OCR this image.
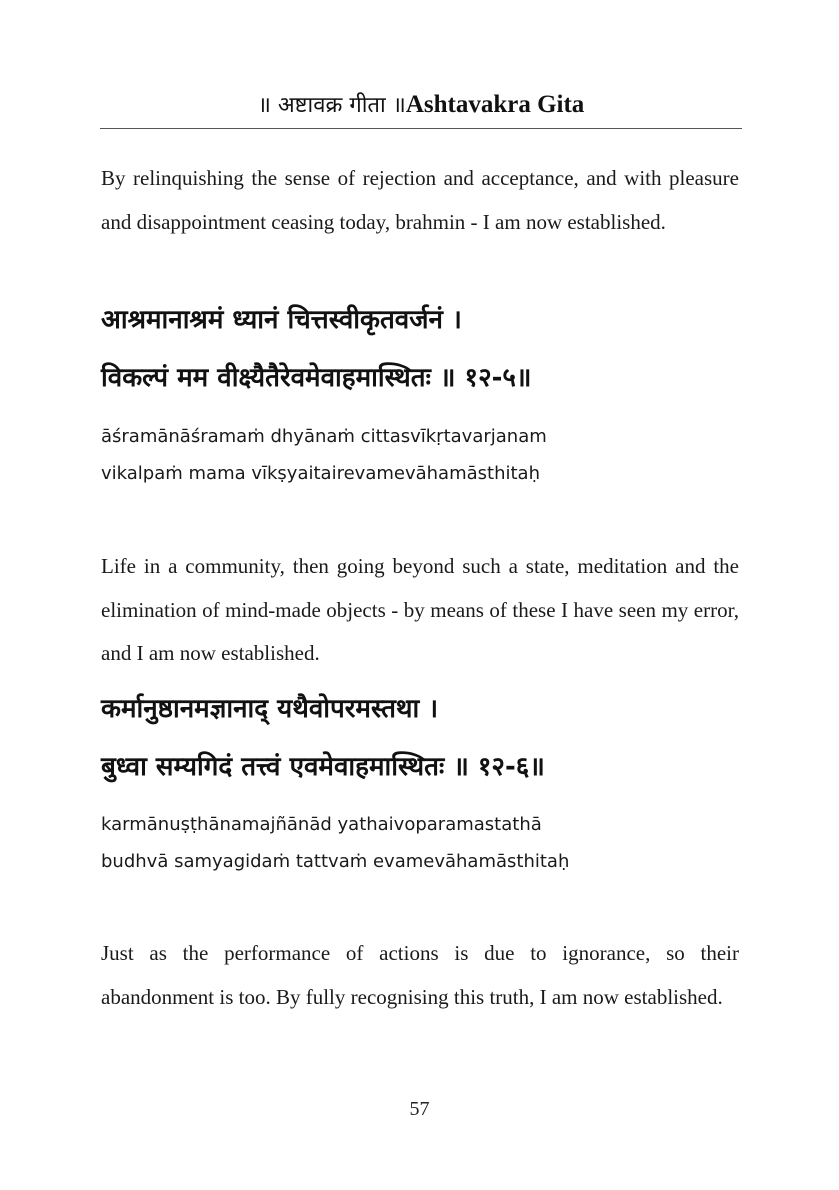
॥ अष्टावक्र गीता ॥Ashtavakra Gita

By relinquishing the sense of rejection and acceptance, and with pleasure and disappointment ceasing today, brahmin - I am now established.

आश्रमानाश्रमं ध्यानं चित्तस्वीकृतवर्जनं ।
विकल्पं मम वीक्ष्यैतैरेवमेवाहमास्थितः ॥ १२-५॥
āśramānāśramaṁ dhyānaṁ cittasvīkṛtavarjanam
vikalpaṁ mama vīkṣyaitairevamevāhamāsthitaḥ

Life in a community, then going beyond such a state, meditation and the elimination of mind-made objects - by means of these I have seen my error, and I am now established.

कर्मानुष्ठानमज्ञानाद् यथैवोपरमस्तथा ।
बुध्वा सम्यगिदं तत्त्वं एवमेवाहमास्थितः ॥ १२-६॥
karmānuṣṭhānamajñānād yathaivoparamastathā
budhvā samyagidaṁ tattvaṁ evamevāhamāsthitaḥ

Just as the performance of actions is due to ignorance, so their abandonment is too. By fully recognising this truth, I am now established.

57
